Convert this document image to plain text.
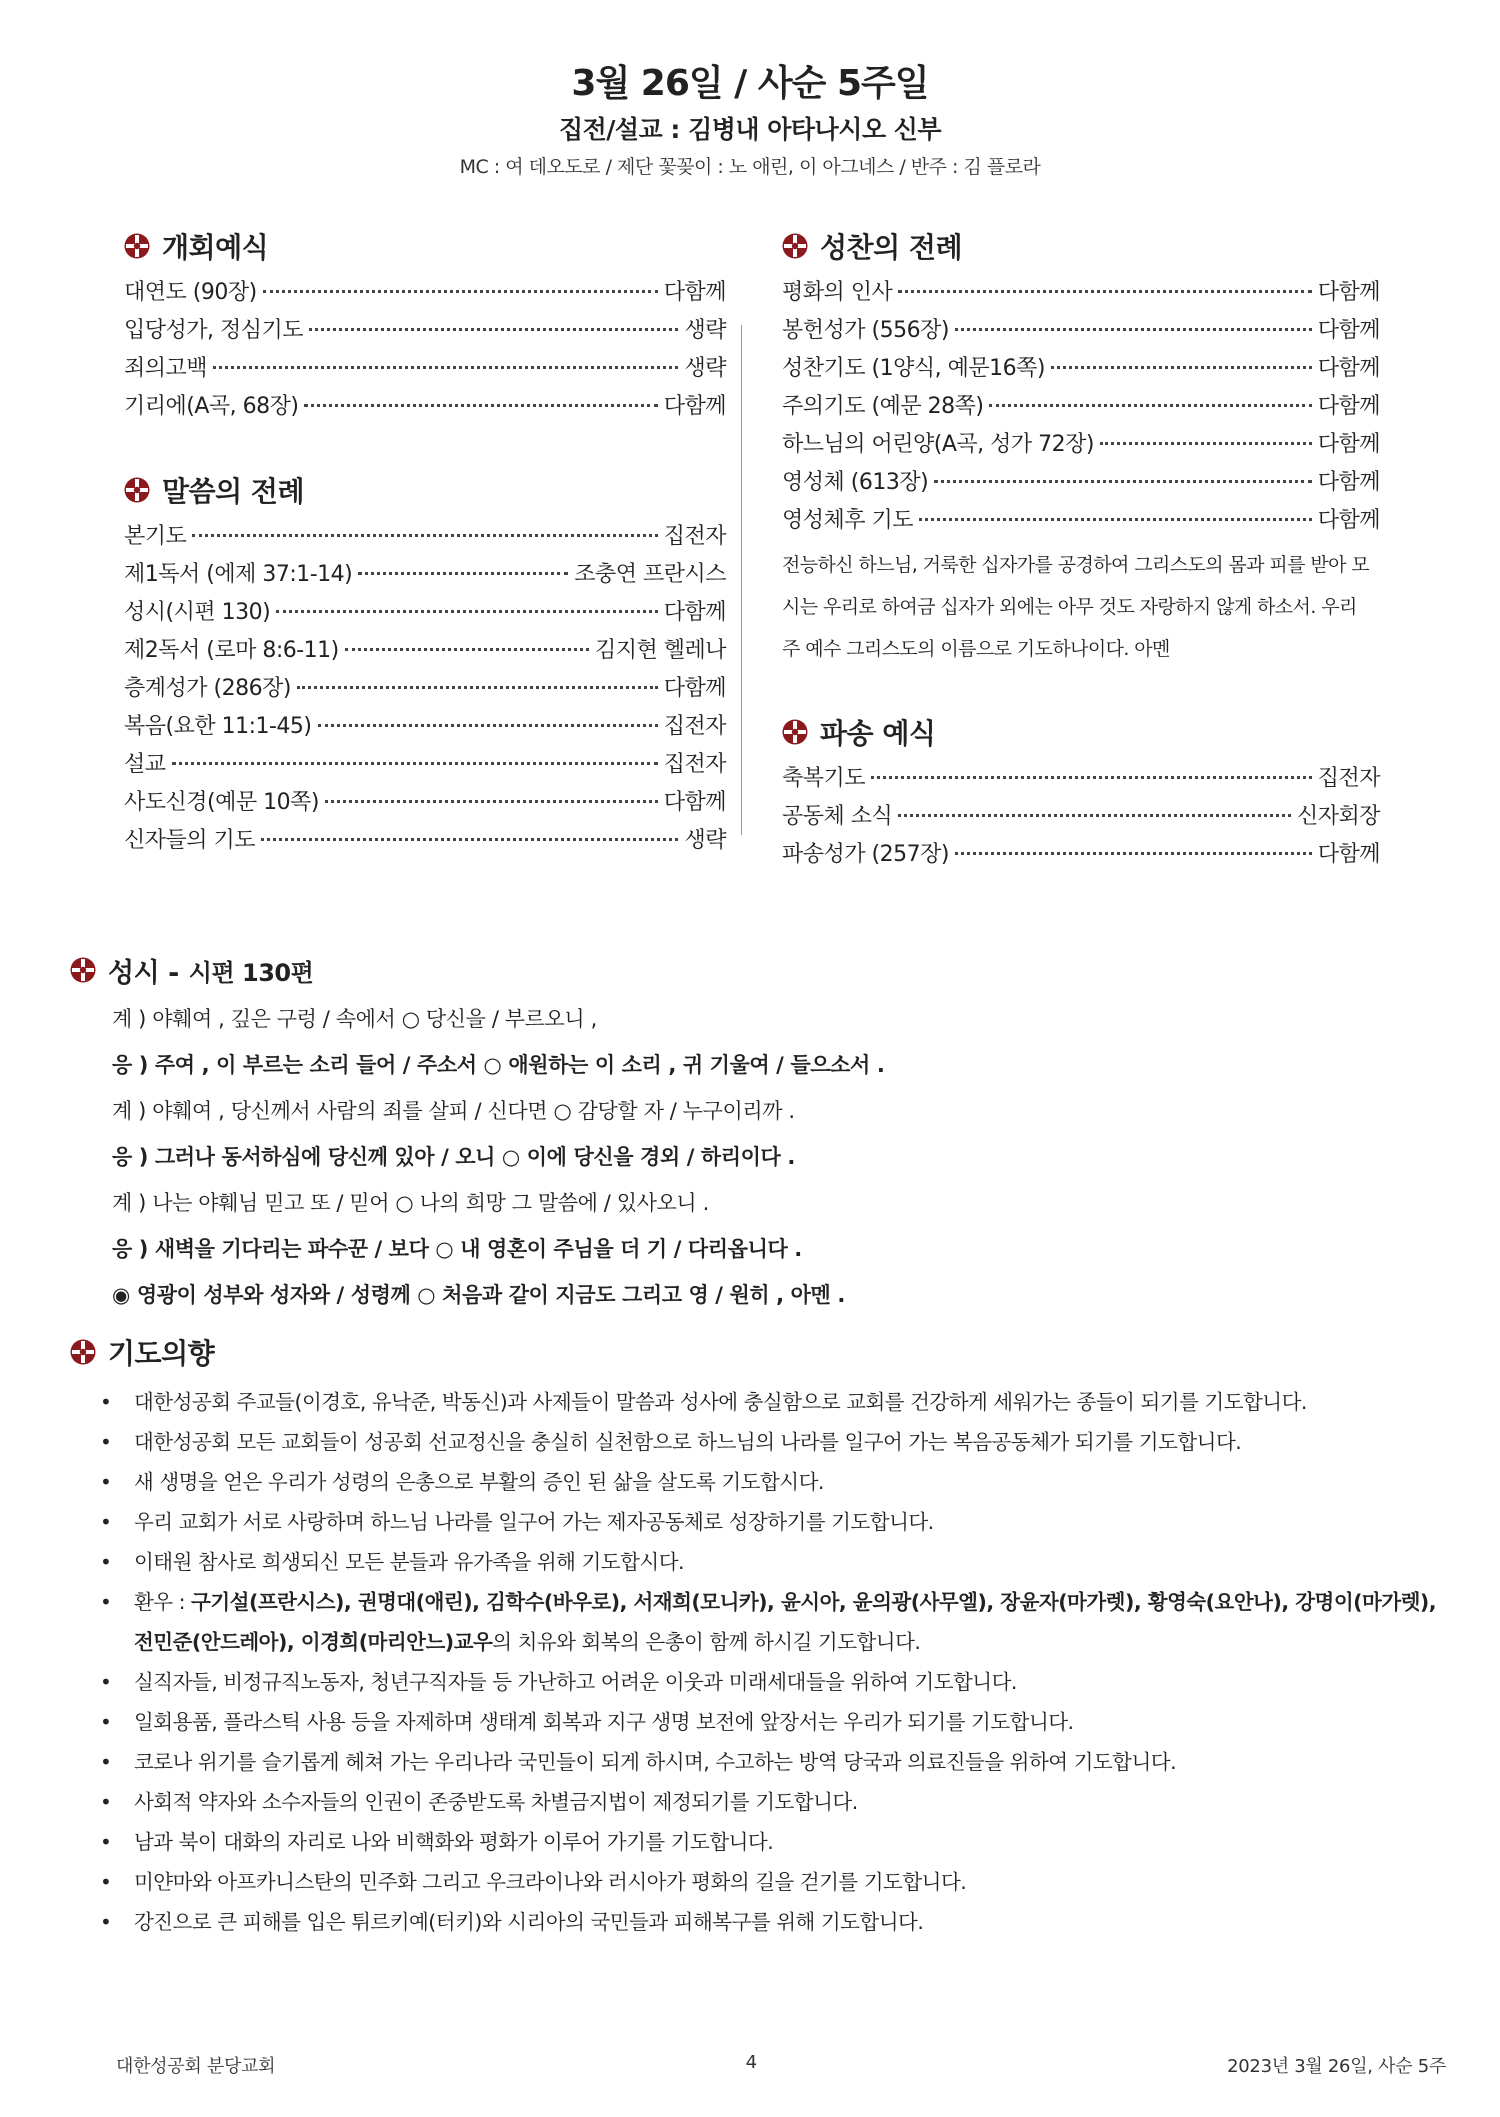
3월 26일 / 사순 5주일
집전/설교 : 김병내 아타나시오 신부
MC : 여 데오도로 / 제단 꽃꽂이 : 노 애린, 이 아그네스 / 반주 : 김 플로라
개회예식
대연도 (90장)	다함께
입당성가, 정심기도	생략
죄의고백	생략
기리에(A곡, 68장)	다함께
말씀의 전례
본기도	집전자
제1독서 (에제 37:1-14)	조충연 프란시스
성시(시편 130)	다함께
제2독서 (로마 8:6-11)	김지현 헬레나
층계성가 (286장)	다함께
복음(요한 11:1-45)	집전자
설교	집전자
사도신경(예문 10쪽)	다함께
신자들의 기도	생략
성찬의 전례
평화의 인사	다함께
봉헌성가 (556장)	다함께
성찬기도 (1양식, 예문16쪽)	다함께
주의기도 (예문 28쪽)	다함께
하느님의 어린양(A곡, 성가 72장)	다함께
영성체 (613장)	다함께
영성체후 기도	다함께
전능하신 하느님, 거룩한 십자가를 공경하여 그리스도의 몸과 피를 받아 모시는 우리로 하여금 십자가 외에는 아무 것도 자랑하지 않게 하소서. 우리 주 예수 그리스도의 이름으로 기도하나이다. 아멘
파송 예식
축복기도	집전자
공동체 소식	신자회장
파송성가 (257장)	다함께
성시 - 시편 130편
계 ) 야훼여 , 깊은 구렁 / 속에서 ○ 당신을 / 부르오니 ,
응 ) 주여 , 이 부르는 소리 들어 / 주소서 ○ 애원하는 이 소리 , 귀 기울여 / 들으소서 .
계 ) 야훼여 , 당신께서 사람의 죄를 살피 / 신다면 ○ 감당할 자 / 누구이리까 .
응 ) 그러나 동서하심에 당신께 있아 / 오니 ○ 이에 당신을 경외 / 하리이다 .
계 ) 나는 야훼님 믿고 또 / 믿어 ○ 나의 희망 그 말씀에 / 있사오니 .
응 ) 새벽을 기다리는 파수꾼 / 보다 ○ 내 영혼이 주님을 더 기 / 다리옵니다 .
◉ 영광이 성부와 성자와 / 성령께 ○ 처음과 같이 지금도 그리고 영 / 원히 , 아멘 .
기도의향
• 대한성공회 주교들(이경호, 유낙준, 박동신)과 사제들이 말씀과 성사에 충실함으로 교회를 건강하게 세워가는 종들이 되기를 기도합니다.
• 대한성공회 모든 교회들이 성공회 선교정신을 충실히 실천함으로 하느님의 나라를 일구어 가는 복음공동체가 되기를 기도합니다.
• 새 생명을 얻은 우리가 성령의 은총으로 부활의 증인 된 삶을 살도록 기도합시다.
• 우리 교회가 서로 사랑하며 하느님 나라를 일구어 가는 제자공동체로 성장하기를 기도합니다.
• 이태원 참사로 희생되신 모든 분들과 유가족을 위해 기도합시다.
• 환우 : 구기설(프란시스), 권명대(애린), 김학수(바우로), 서재희(모니카), 윤시아, 윤의광(사무엘), 장윤자(마가렛), 황영숙(요안나), 강명이(마가렛), 전민준(안드레아), 이경희(마리안느)교우의 치유와 회복의 은총이 함께 하시길 기도합니다.
• 실직자들, 비정규직노동자, 청년구직자들 등 가난하고 어려운 이웃과 미래세대들을 위하여 기도합니다.
• 일회용품, 플라스틱 사용 등을 자제하며 생태계 회복과 지구 생명 보전에 앞장서는 우리가 되기를 기도합니다.
• 코로나 위기를 슬기롭게 헤쳐 가는 우리나라 국민들이 되게 하시며, 수고하는 방역 당국과 의료진들을 위하여 기도합니다.
• 사회적 약자와 소수자들의 인권이 존중받도록 차별금지법이 제정되기를 기도합니다.
• 남과 북이 대화의 자리로 나와 비핵화와 평화가 이루어 가기를 기도합니다.
• 미얀마와 아프카니스탄의 민주화 그리고 우크라이나와 러시아가 평화의 길을 걷기를 기도합니다.
• 강진으로 큰 피해를 입은 튀르키예(터키)와 시리아의 국민들과 피해복구를 위해 기도합니다.
대한성공회 분당교회	4	2023년 3월 26일, 사순 5주
